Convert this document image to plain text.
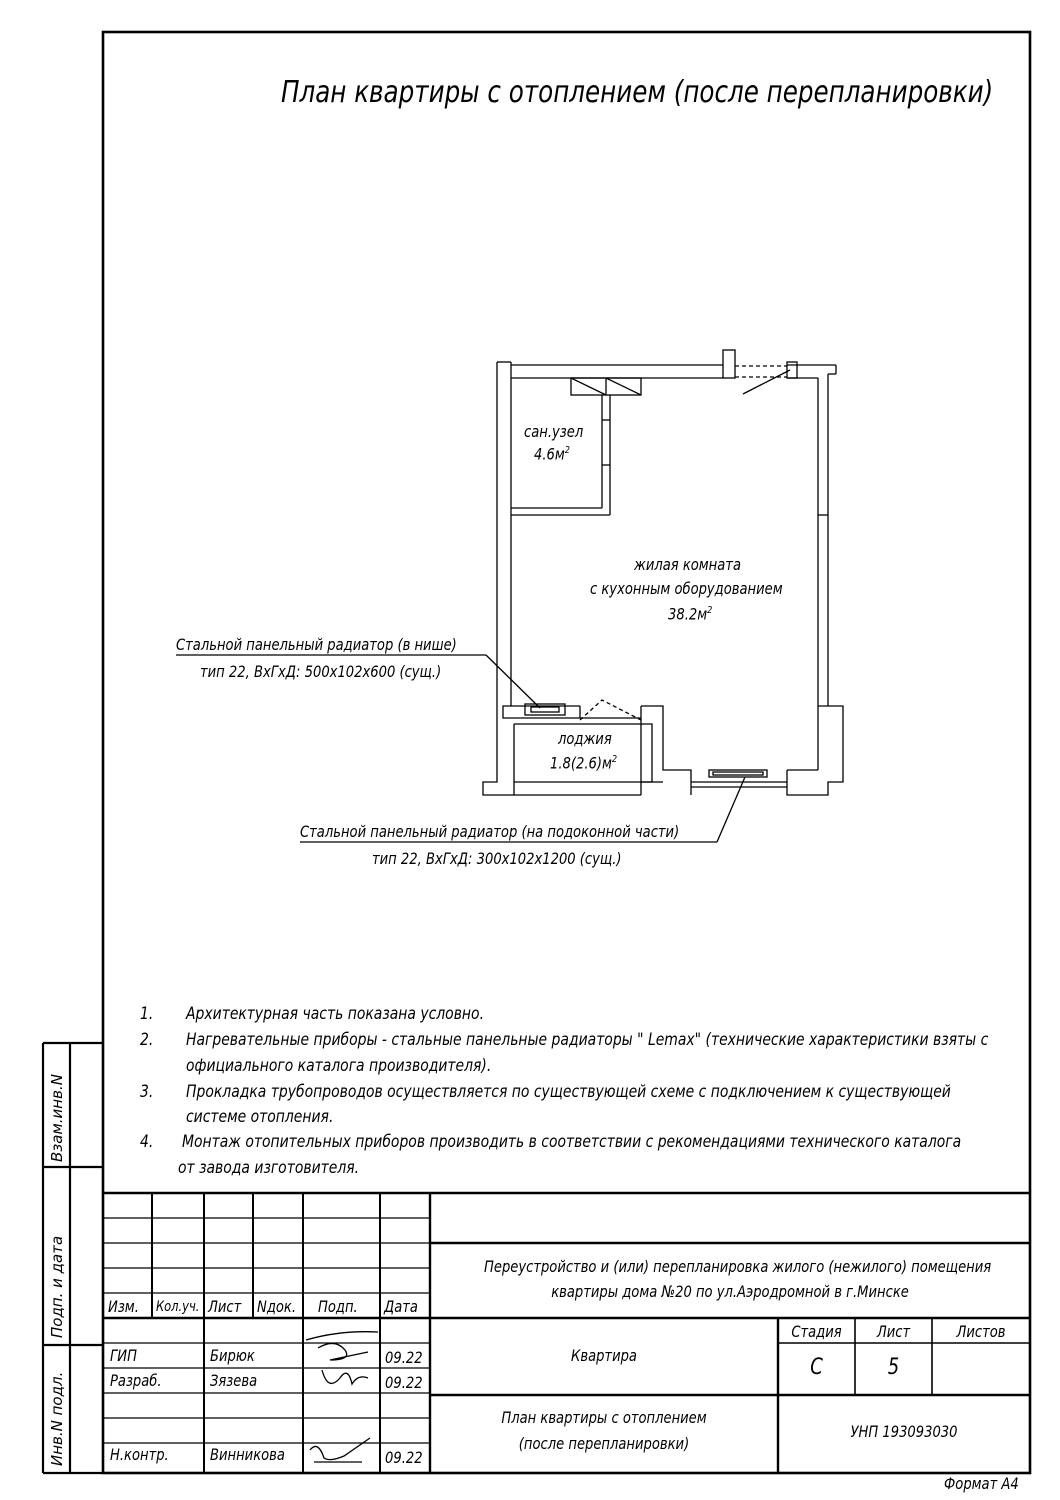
План квартиры с отоплением (после перепланировки)
сан.узел
$4.6м^2$
жилая комната
с кухонным оборудованием
$38.2м^2$
лоджия
$1.8(2.6)м^2$
Стальной панельный радиатор (в нише)
тип 22, ВхГхД: 500х102х600 (сущ.)
Стальной панельный радиатор (на подоконной части)
тип 22, ВхГхД: 300х102х1200 (сущ.)
1. Архитектурная часть показана условно.
2. Нагревательные приборы - стальные панельные радиаторы " Lemax" (технические характеристики взяты с
официального каталога производителя).
3. Прокладка трубопроводов осуществляется по существующей схеме с подключением к существующей
системе отопления.
4. Монтаж отопительных приборов производить в соответствии с рекомендациями технического каталога
от завода изготовителя.
Взам.инв.N
Подп. и дата
Инв.N подл.
Изм. Кол.уч. Лист Nдок. Подп. Дата
Переустройство и (или) перепланировка жилого (нежилого) помещения
квартиры дома №20 по ул.Аэродромной в г.Минске
ГИП	Бирюк	09.22
Разраб.	Зязева	09.22
Н.контр.	Винникова	09.22
Квартира
Стадия	Лист	Листов
С	5
План квартиры с отоплением
(после перепланировки)
УНП 193093030
Формат А4
